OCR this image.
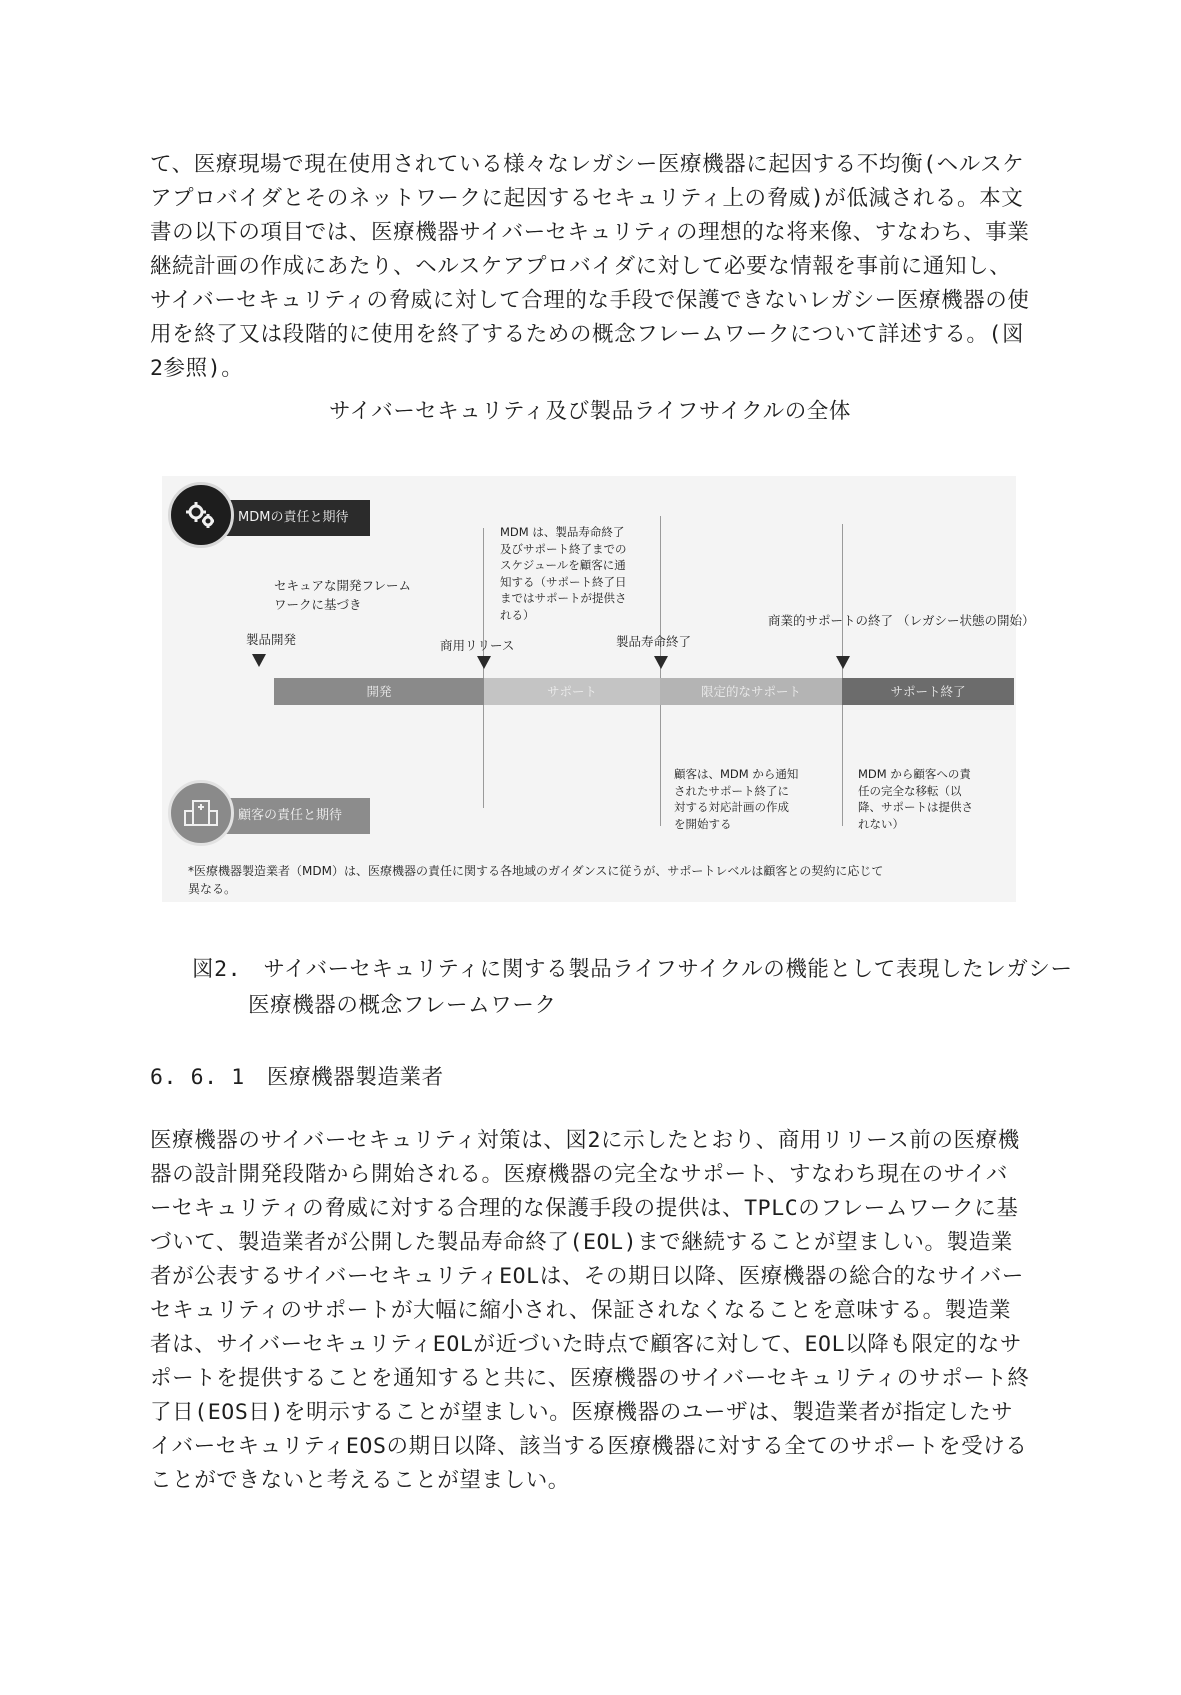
て、医療現場で現在使用されている様々なレガシー医療機器に起因する不均衡(ヘルスケアプロバイダとそのネットワークに起因するセキュリティ上の脅威)が低減される。本文書の以下の項目では、医療機器サイバーセキュリティの理想的な将来像、すなわち、事業継続計画の作成にあたり、ヘルスケアプロバイダに対して必要な情報を事前に通知し、サイバーセキュリティの脅威に対して合理的な手段で保護できないレガシー医療機器の使用を終了又は段階的に使用を終了するための概念フレームワークについて詳述する。(図2参照)。

サイバーセキュリティ及び製品ライフサイクルの全体
MDMの責任と期待

セキュアな開発フレームワークに基づき

MDM は、製品寿命終了
及びサポート終了までの
スケジュールを顧客に通
知する（サポート終了日
まではサポートが提供さ
れる）

製品開発	商用リリース	製品寿命終了
商業的サポートの終了 （レガシー状態の開始）
開発	サポート	限定的なサポート	サポート終了
顧客の責任と期待

顧客は、MDM から通知
されたサポート終了に
対する対応計画の作成
を開始する

MDM から顧客への責
任の完全な移転（以
降、サポートは提供さ
れない）

*医療機器製造業者（MDM）は、医療機器の責任に関する各地域のガイダンスに従うが、サポートレベルは顧客との契約に応じて異なる。

図2.　 サイバーセキュリティに関する製品ライフサイクルの機能として表現したレガシー医療機器の概念フレームワーク

6. 6. 1　 医療機器製造業者

医療機器のサイバーセキュリティ対策は、図2に示したとおり、商用リリース前の医療機器の設計開発段階から開始される。医療機器の完全なサポート、すなわち現在のサイバーセキュリティの脅威に対する合理的な保護手段の提供は、TPLCのフレームワークに基づいて、製造業者が公開した製品寿命終了(EOL)まで継続することが望ましい。製造業者が公表するサイバーセキュリティEOLは、その期日以降、医療機器の総合的なサイバーセキュリティのサポートが大幅に縮小され、保証されなくなることを意味する。製造業者は、サイバーセキュリティEOLが近づいた時点で顧客に対して、EOL以降も限定的なサポートを提供することを通知すると共に、医療機器のサイバーセキュリティのサポート終了日(EOS日)を明示することが望ましい。医療機器のユーザは、製造業者が指定したサイバーセキュリティEOSの期日以降、該当する医療機器に対する全てのサポートを受けることができないと考えることが望ましい。
